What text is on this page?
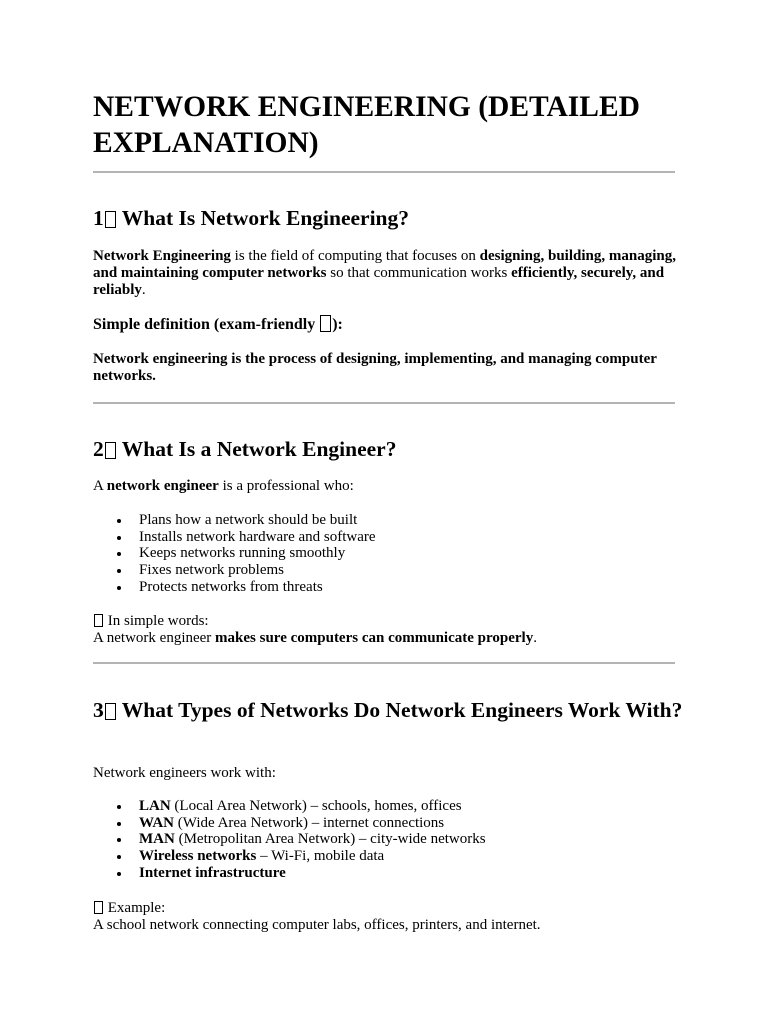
NETWORK ENGINEERING (DETAILED EXPLANATION)
1 What Is Network Engineering?

Network Engineering is the field of computing that focuses on designing, building, managing, and maintaining computer networks so that communication works efficiently, securely, and reliably.

Simple definition (exam-friendly ):

Network engineering is the process of designing, implementing, and managing computer networks.

2 What Is a Network Engineer?

A network engineer is a professional who:

Plans how a network should be built
Installs network hardware and software
Keeps networks running smoothly
Fixes network problems
Protects networks from threats

In simple words:

A network engineer makes sure computers can communicate properly.

3 What Types of Networks Do Network Engineers Work With?

Network engineers work with:

LAN (Local Area Network) – schools, homes, offices
WAN (Wide Area Network) – internet connections
MAN (Metropolitan Area Network) – city-wide networks
Wireless networks – Wi-Fi, mobile data
Internet infrastructure

Example:

A school network connecting computer labs, offices, printers, and internet.
